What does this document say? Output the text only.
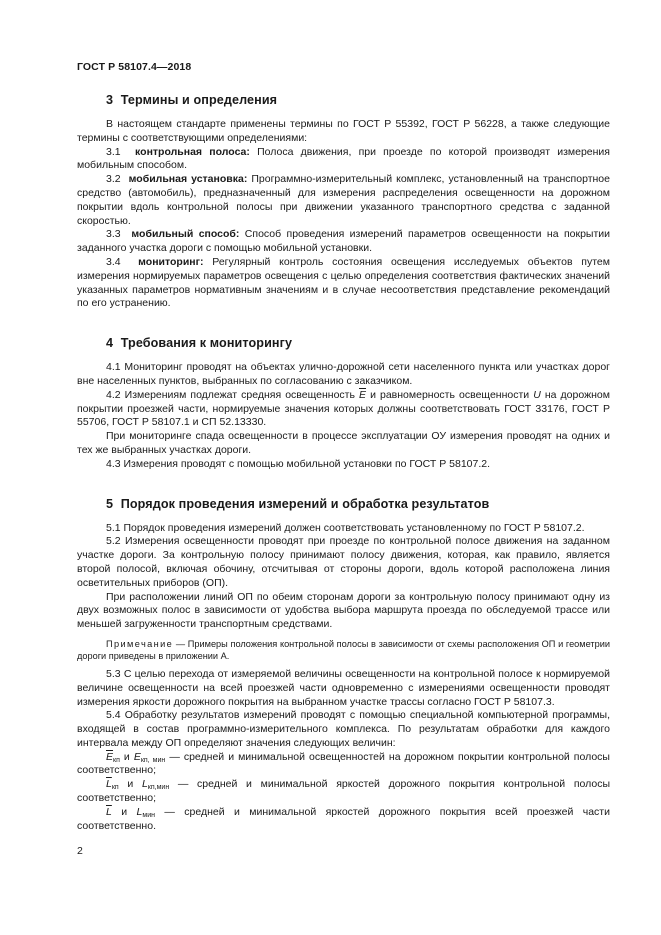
ГОСТ Р 58107.4—2018
3 Термины и определения

В настоящем стандарте применены термины по ГОСТ Р 55392, ГОСТ Р 56228, а также следующие термины с соответствующими определениями:

3.1 контрольная полоса: Полоса движения, при проезде по которой производят измерения мобильным способом.

3.2 мобильная установка: Программно-измерительный комплекс, установленный на транспортное средство (автомобиль), предназначенный для измерения распределения освещенности на дорожном покрытии вдоль контрольной полосы при движении указанного транспортного средства с заданной скоростью.

3.3 мобильный способ: Способ проведения измерений параметров освещенности на покрытии заданного участка дороги с помощью мобильной установки.

3.4 мониторинг: Регулярный контроль состояния освещения исследуемых объектов путем измерения нормируемых параметров освещения с целью определения соответствия фактических значений указанных параметров нормативным значениям и в случае несоответствия представление рекомендаций по его устранению.

4 Требования к мониторингу

4.1 Мониторинг проводят на объектах улично-дорожной сети населенного пункта или участках дорог вне населенных пунктов, выбранных по согласованию с заказчиком.

4.2 Измерениям подлежат средняя освещенность $\overline{E}$ и равномерность освещенности U на дорожном покрытии проезжей части, нормируемые значения которых должны соответствовать ГОСТ 33176, ГОСТ Р 55706, ГОСТ Р 58107.1 и СП 52.13330.

При мониторинге спада освещенности в процессе эксплуатации ОУ измерения проводят на одних и тех же выбранных участках дороги.

4.3 Измерения проводят с помощью мобильной установки по ГОСТ Р 58107.2.

5 Порядок проведения измерений и обработка результатов

5.1 Порядок проведения измерений должен соответствовать установленному по ГОСТ Р 58107.2.

5.2 Измерения освещенности проводят при проезде по контрольной полосе движения на заданном участке дороги. За контрольную полосу принимают полосу движения, которая, как правило, является второй полосой, включая обочину, отсчитывая от стороны дороги, вдоль которой расположена линия осветительных приборов (ОП).

При расположении линий ОП по обеим сторонам дороги за контрольную полосу принимают одну из двух возможных полос в зависимости от удобства выбора маршрута проезда по обследуемой трассе или меньшей загруженности транспортным средствами.

Примечание — Примеры положения контрольной полосы в зависимости от схемы расположения ОП и геометрии дороги приведены в приложении А.

5.3 С целью перехода от измеряемой величины освещенности на контрольной полосе к нормируемой величине освещенности на всей проезжей части одновременно с измерениями освещенности проводят измерения яркости дорожного покрытия на выбранном участке трассы согласно ГОСТ Р 58107.3.

5.4 Обработку результатов измерений проводят с помощью специальной компьютерной программы, входящей в состав программно-измерительного комплекса. По результатам обработки для каждого интервала между ОП определяют значения следующих величин:

$\overline{E}_{кп}$ и $E_{кп, мин}$ — средней и минимальной освещенностей на дорожном покрытии контрольной полосы соответственно;

$\overline{L}_{кп}$ и $L_{кп,мин}$ — средней и минимальной яркостей дорожного покрытия контрольной полосы соответственно;

$\overline{L}$ и $L_{мин}$ — средней и минимальной яркостей дорожного покрытия всей проезжей части соответственно.

2
